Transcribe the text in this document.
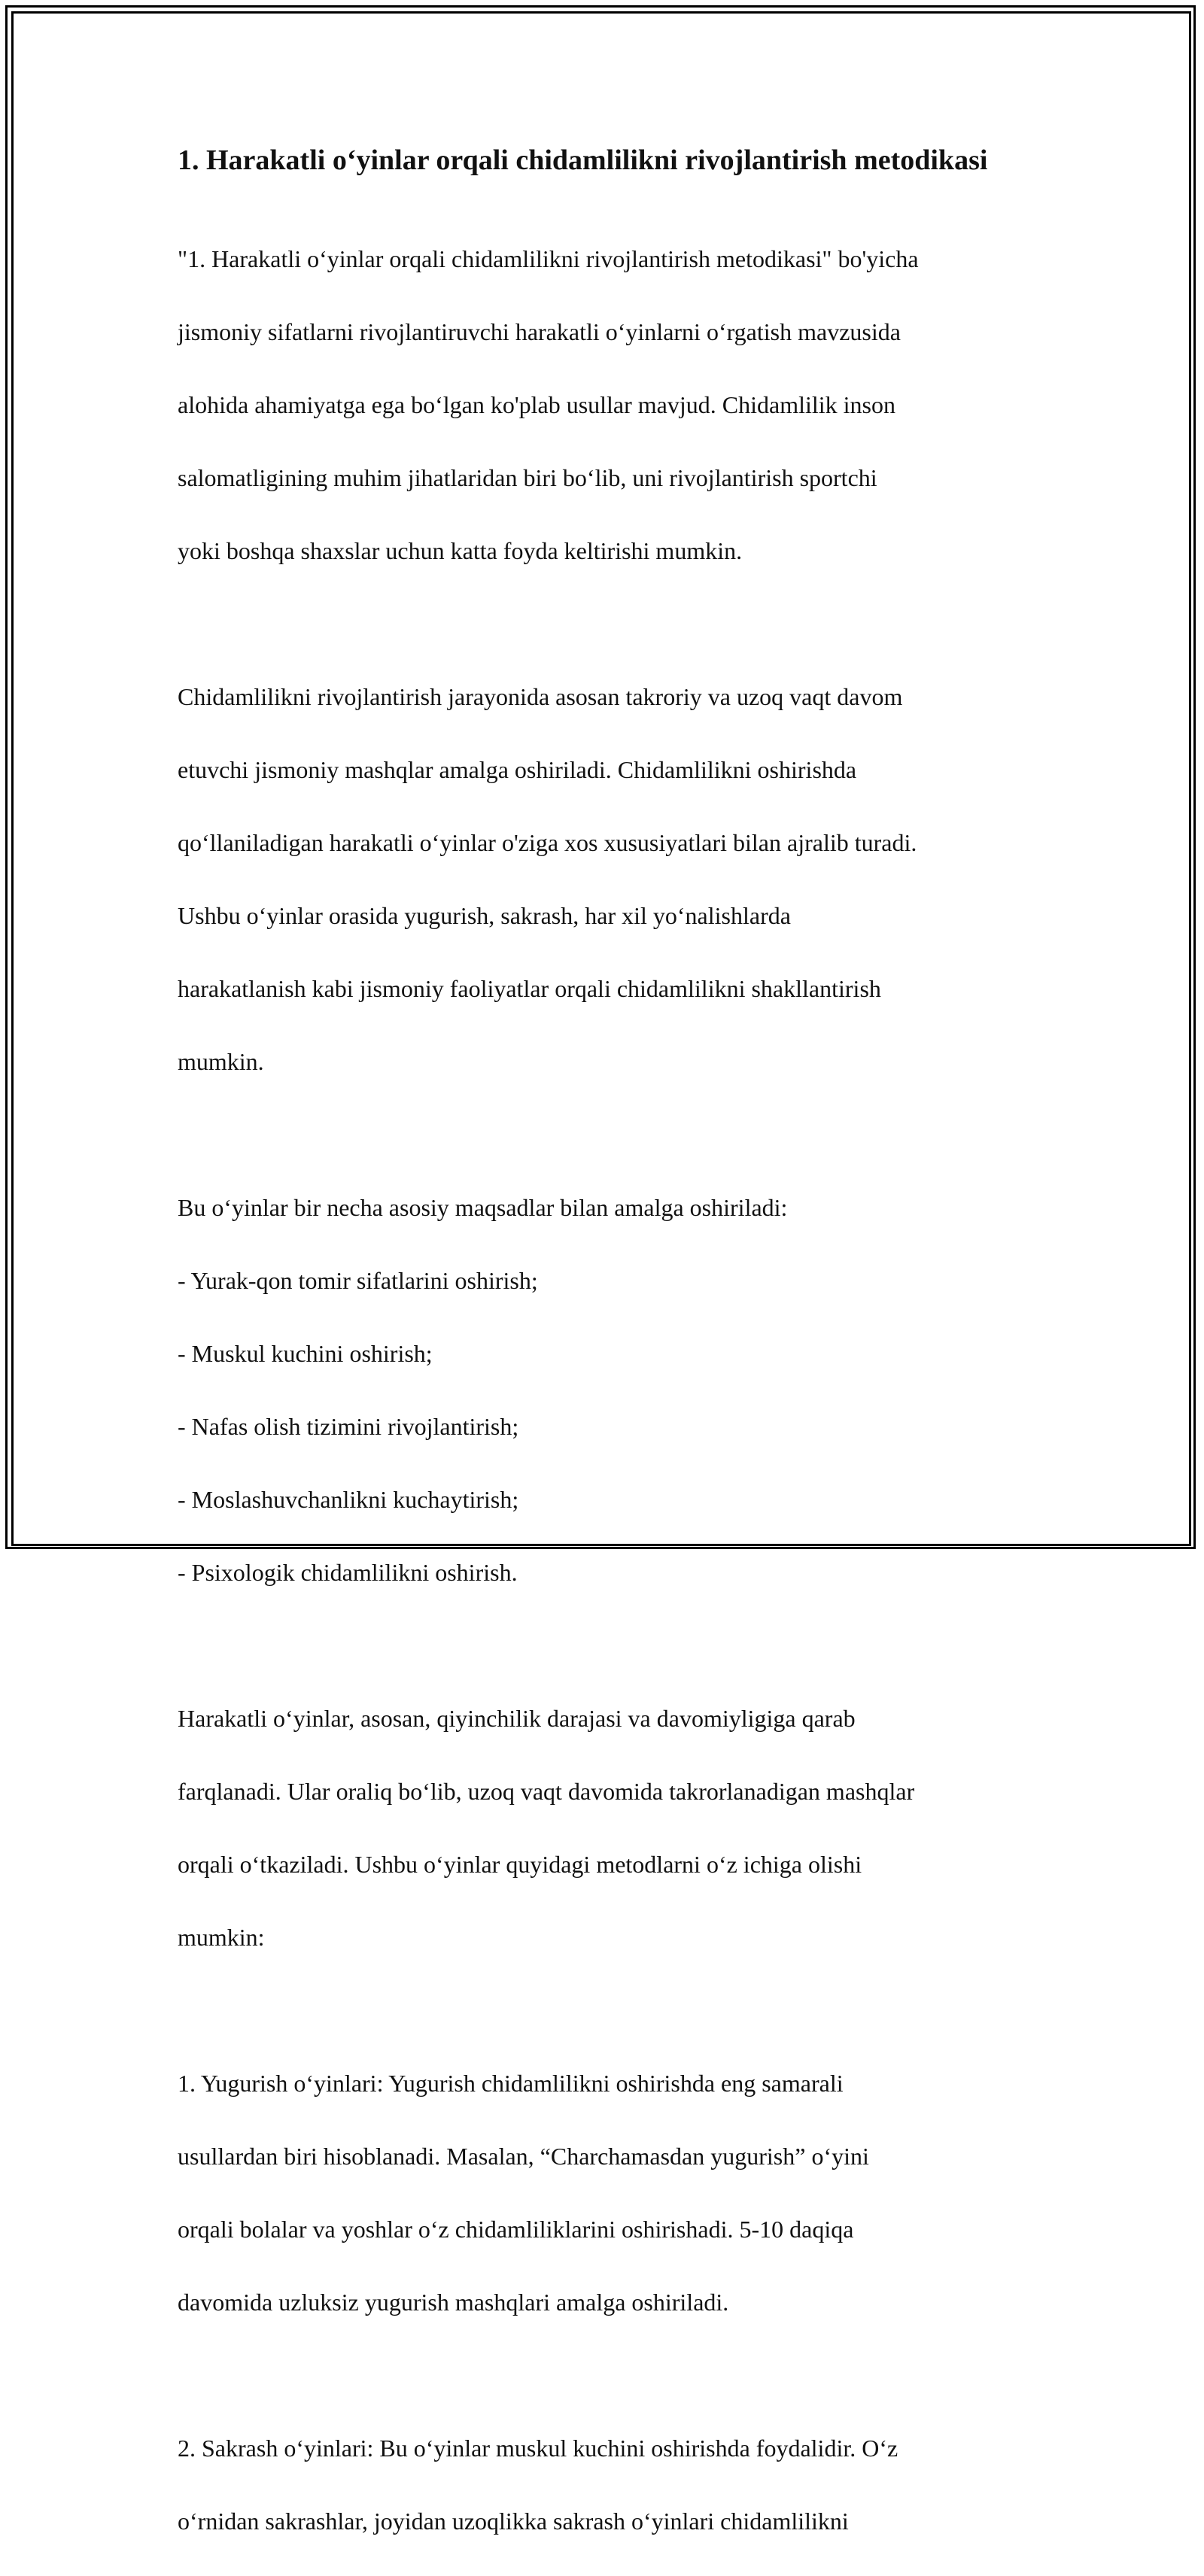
1. Harakatli o‘yinlar orqali chidamlilikni rivojlantirish metodikasi

"1. Harakatli o‘yinlar orqali chidamlilikni rivojlantirish metodikasi" bo'yicha

jismoniy sifatlarni rivojlantiruvchi harakatli o‘yinlarni o‘rgatish mavzusida

alohida ahamiyatga ega bo‘lgan ko'plab usullar mavjud. Chidamlilik inson

salomatligining muhim jihatlaridan biri bo‘lib, uni rivojlantirish sportchi

yoki boshqa shaxslar uchun katta foyda keltirishi mumkin.

Chidamlilikni rivojlantirish jarayonida asosan takroriy va uzoq vaqt davom

etuvchi jismoniy mashqlar amalga oshiriladi. Chidamlilikni oshirishda

qo‘llaniladigan harakatli o‘yinlar o'ziga xos xususiyatlari bilan ajralib turadi.

Ushbu o‘yinlar orasida yugurish, sakrash, har xil yo‘nalishlarda

harakatlanish kabi jismoniy faoliyatlar orqali chidamlilikni shakllantirish

mumkin.

Bu o‘yinlar bir necha asosiy maqsadlar bilan amalga oshiriladi:

- Yurak-qon tomir sifatlarini oshirish;

- Muskul kuchini oshirish;

- Nafas olish tizimini rivojlantirish;

- Moslashuvchanlikni kuchaytirish;

- Psixologik chidamlilikni oshirish.

Harakatli o‘yinlar, asosan, qiyinchilik darajasi va davomiyligiga qarab

farqlanadi. Ular oraliq bo‘lib, uzoq vaqt davomida takrorlanadigan mashqlar

orqali o‘tkaziladi. Ushbu o‘yinlar quyidagi metodlarni o‘z ichiga olishi

mumkin:

1. Yugurish o‘yinlari: Yugurish chidamlilikni oshirishda eng samarali

usullardan biri hisoblanadi. Masalan, “Charchamasdan yugurish” o‘yini

orqali bolalar va yoshlar o‘z chidamliliklarini oshirishadi. 5-10 daqiqa

davomida uzluksiz yugurish mashqlari amalga oshiriladi.

2. Sakrash o‘yinlari: Bu o‘yinlar muskul kuchini oshirishda foydalidir. O‘z

o‘rnidan sakrashlar, joyidan uzoqlikka sakrash o‘yinlari chidamlilikni
